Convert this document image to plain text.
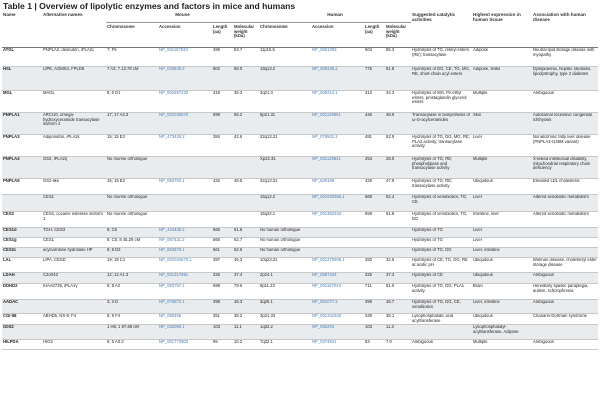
Table 1 | Overview of lipolytic enzymes and factors in mice and humans
Name	Alternative names	Mouse				Human				Suggested catalytic activities	Highest expression in human tissue	Association with human disease
		Chromosome	Accession	Length (aa)	Molecular weight (kDa)	Chromosome	Accession	Length (aa)	Molecular weight (kDa)			
ATGL	PNPLA2, desnutrin, iPLA2ζ	7; F5	NP_001157633	486	53.7	11p15.5	NP_0601093	504	55.3	Hydrolysis of TG, retinyl esters (RE); transacylase	Adipose	Neutral lipid storage disease with myopathy
HSL	LIPE, AOMS4, FPLD6	7 A3; 7.13.78 cM	NP_034849.2	802	88.0	19q13.2	NP_005348.2	775	81.8	Hydrolysis of DG, CE, TG, MG, RE, short-chain acyl esters	Adipose, testis	Dyslipidemia, hepatic steatosis, lipodystrophy, type 2 diabetes
MGL	MAGL	6; 6 D1	NP_001597233	319	35.3	3q21.3	NP_009214.1	313	34.3	Hydrolysis of MG, PA ethyl esters, prostaglandin glycerol esters	Multiple	Ambiguous
PNPLA1	ARCI10, omega-hydroxyceramide transacylase isoform 4	17; 17 A3.3	NP_001030570	599	65.2	6p21.31	NP_001139881	446	48.9	Transacylase in biosynthesis of ω-O-acylceramides	Skin	Autosomal recessive congenital ichthyosis
PNPLA3	Adiponutrin, iPLA2ε	15; 15 E2	NP_473429.2	384	42.6	22q13.31	NP_079501.2	481	52.9	Hydrolysis of TG, DG, MG, RE; PLA2 activity; transacylase activity	Liver	Nonalcoholic fatty liver disease (PNPLA3-I148M variant)
PNPLA4	GS2, iPLA2η	No murine orthologue				Xp22.31	NP_001139841	253	28.0	Hydrolysis of TG, RE; phospholipase and transacylase activity	Multiple	X-linked intellectual disability, mitochondrial respiratory chain deficiency
PNPLA5	GS2-like	15; 15 E2	NP_083703.1	432	48.5	22q13.31	NP_620169	429	47.9	Hydrolysis of TG, RE; transacylase activity	Ubiquitous	Elevated LDL cholesterol
	CES1	No murine orthologue				16q12.2	NP_001020366.1	568	62.4	Hydrolysis of xenobiotics, TG, CE	Liver	Altered xenobiotic metabolism
CES2	CES2, cocaine esterase isoform 1	No murine orthologue				16q22.1	NP_001352343	559	61.8	Hydrolysis of xenobiotics, TG, DG	Intestine, liver	Altered xenobiotic metabolism
CES1d	TGH, CES3	8; C5	NP_444430.2	565	61.8	No human orthologue				Hydrolysis of TG	Liver	
CES1g	CES1	8; C5; 8 45.29 cM	NP_067431.2	565	62.7	No human orthologue				Hydrolysis of TG	Liver	
CES2c	acylcarnitine hydrolase HP	8; 8 D3	NP_663578.1	561	62.5	No human orthologue				Hydrolysis of TG, DG	Liver, intestine	
LAL	LIPA, CESD	19; 19 C1	NP_001034570.1	397	45.3	10q23.31	NP_001275908.1	283	32.6	Hydrolysis of CE, TG, DG, RE at acidic pH	Ubiquitous	Wolman disease, cholesteryl ester storage disease
LDAH	C2orf43	12; 12 A1.3	NP_001317691	326	37.4	2p24.1	NP_0687443	325	37.3	Hydrolysis of CE	Ubiquitous	Ambiguous
DDHD2	KIAA0725, iPLA1γ	8; 8 A2	NP_083757.1	699	79.6	8p11.23	NP_001157043	711	81.0	Hydrolysis of TG, DG; PLA1 activity	Brain	Hereditary spastic paraplegia, autism, schizophrenia
AADAC		3; 3 D	NP_075872.1	398	45.3	3q25.1	NP_001077.2	399	45.7	Hydrolysis of TG, DG, CE, xenobiotics	Liver, intestine	Ambiguous
CGI-58	ABHD5, NS-9; F4	9; 9 F4	NP_080455	351	39.2	3p21.33	NP_001341933	349	39.1	Lysophosphatidic acid acyltransferase	Ubiquitous	Chanarin-Dorfman syndrome
G0S2		1 H6; 1 97.69 cM	NP_032080.1	103	11.1	1q32.2	NP_056203	103	11.3		Lysophosphatidyl-acyltransferase, Adipose	
HILPDA	HIG2	6; 6 A3.3	NP_001773903	95	10.2	7q32.1	NP_0374641	63	7.0	Ambiguous	Multiple	Ambiguous
